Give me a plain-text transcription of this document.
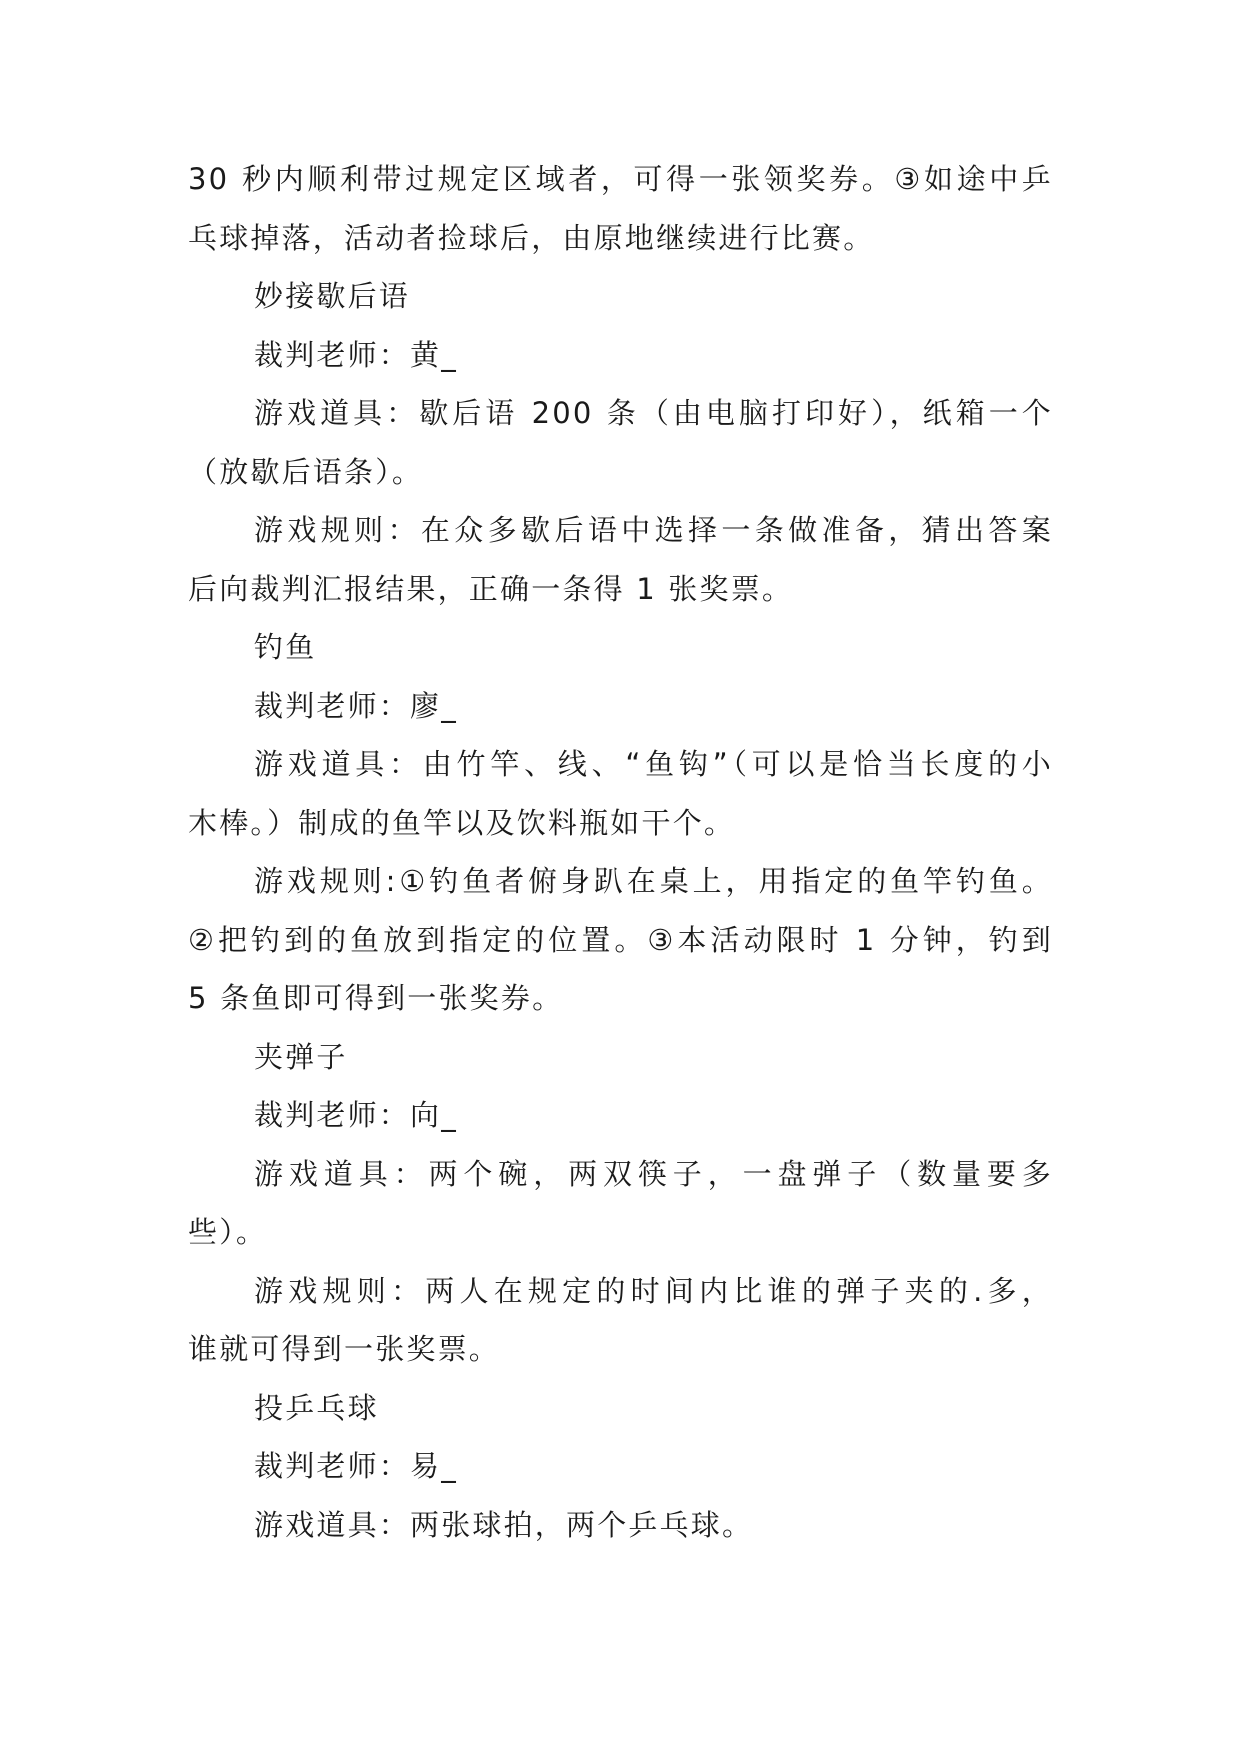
30 秒内顺利带过规定区域者，可得一张领奖券。③如途中乒
乓球掉落，活动者捡球后，由原地继续进行比赛。
妙接歇后语
裁判老师：黄_
游戏道具：歇后语 200 条（由电脑打印好），纸箱一个
（放歇后语条）。
游戏规则：在众多歇后语中选择一条做准备，猜出答案
后向裁判汇报结果，正确一条得 1 张奖票。
钓鱼
裁判老师：廖_
游戏道具：由竹竿、线、“鱼钩”（可以是恰当长度的小
木棒。）制成的鱼竿以及饮料瓶如干个。
游戏规则:①钓鱼者俯身趴在桌上，用指定的鱼竿钓鱼。
②把钓到的鱼放到指定的位置。③本活动限时 1 分钟，钓到
5 条鱼即可得到一张奖券。
夹弹子
裁判老师：向_
游戏道具：两个碗，两双筷子，一盘弹子（数量要多
些）。
游戏规则：两人在规定的时间内比谁的弹子夹的.多，
谁就可得到一张奖票。
投乒乓球
裁判老师：易_
游戏道具：两张球拍，两个乒乓球。
